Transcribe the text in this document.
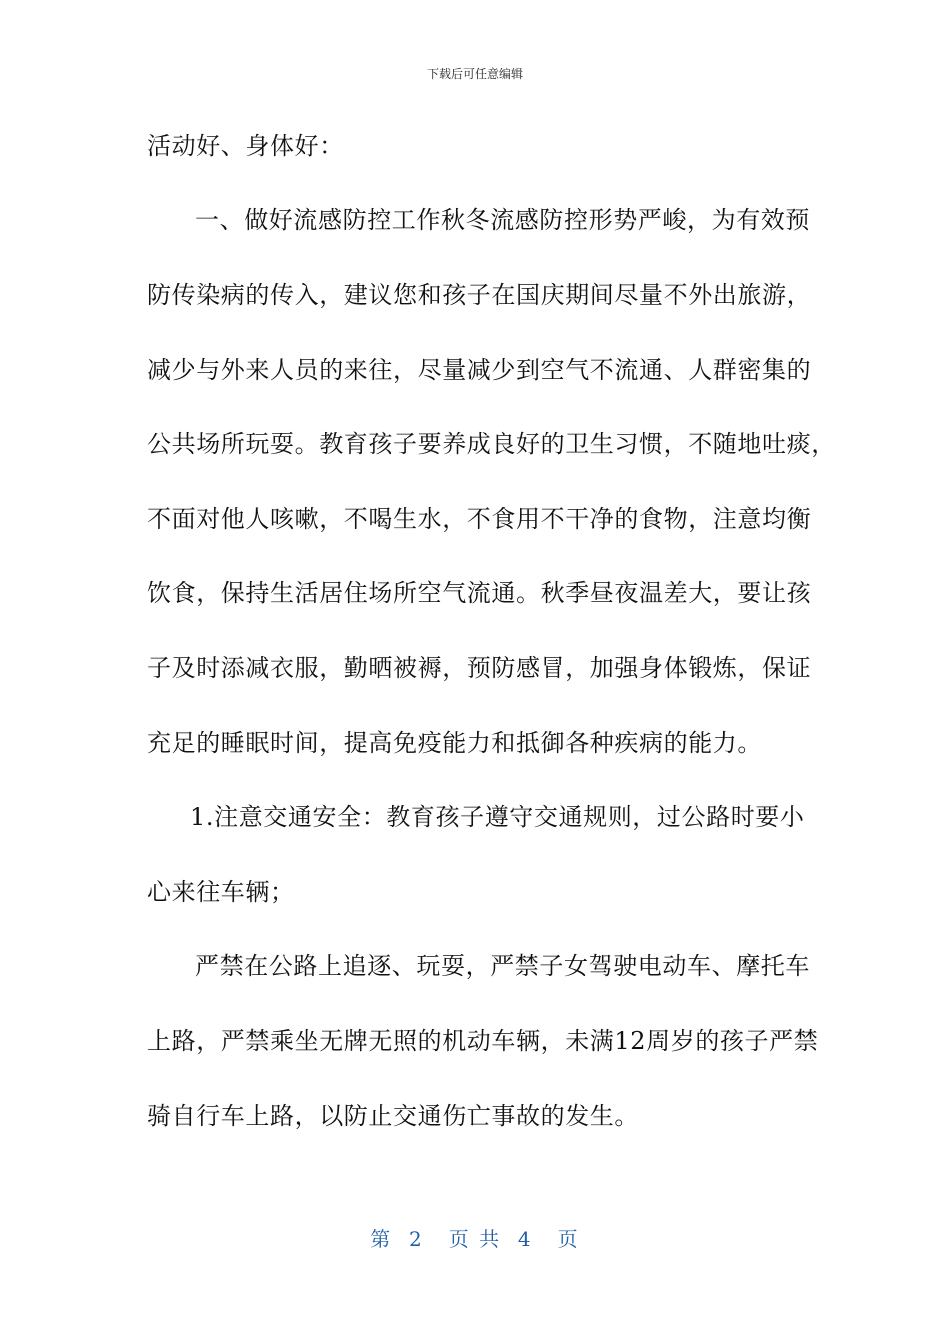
下载后可任意编辑
活动好、身体好：
一、做好流感防控工作秋冬流感防控形势严峻，为有效预
防传染病的传入，建议您和孩子在国庆期间尽量不外出旅游，
减少与外来人员的来往，尽量减少到空气不流通、人群密集的
公共场所玩耍。教育孩子要养成良好的卫生习惯，不随地吐痰，
不面对他人咳嗽，不喝生水，不食用不干净的食物，注意均衡
饮食，保持生活居住场所空气流通。秋季昼夜温差大，要让孩
子及时添减衣服，勤晒被褥，预防感冒，加强身体锻炼，保证
充足的睡眠时间，提高免疫能力和抵御各种疾病的能力。
1.注意交通安全：教育孩子遵守交通规则，过公路时要小
心来往车辆；
严禁在公路上追逐、玩耍，严禁子女驾驶电动车、摩托车
上路，严禁乘坐无牌无照的机动车辆，未满12周岁的孩子严禁
骑自行车上路，以防止交通伤亡事故的发生。
第  2   页 共  4   页
